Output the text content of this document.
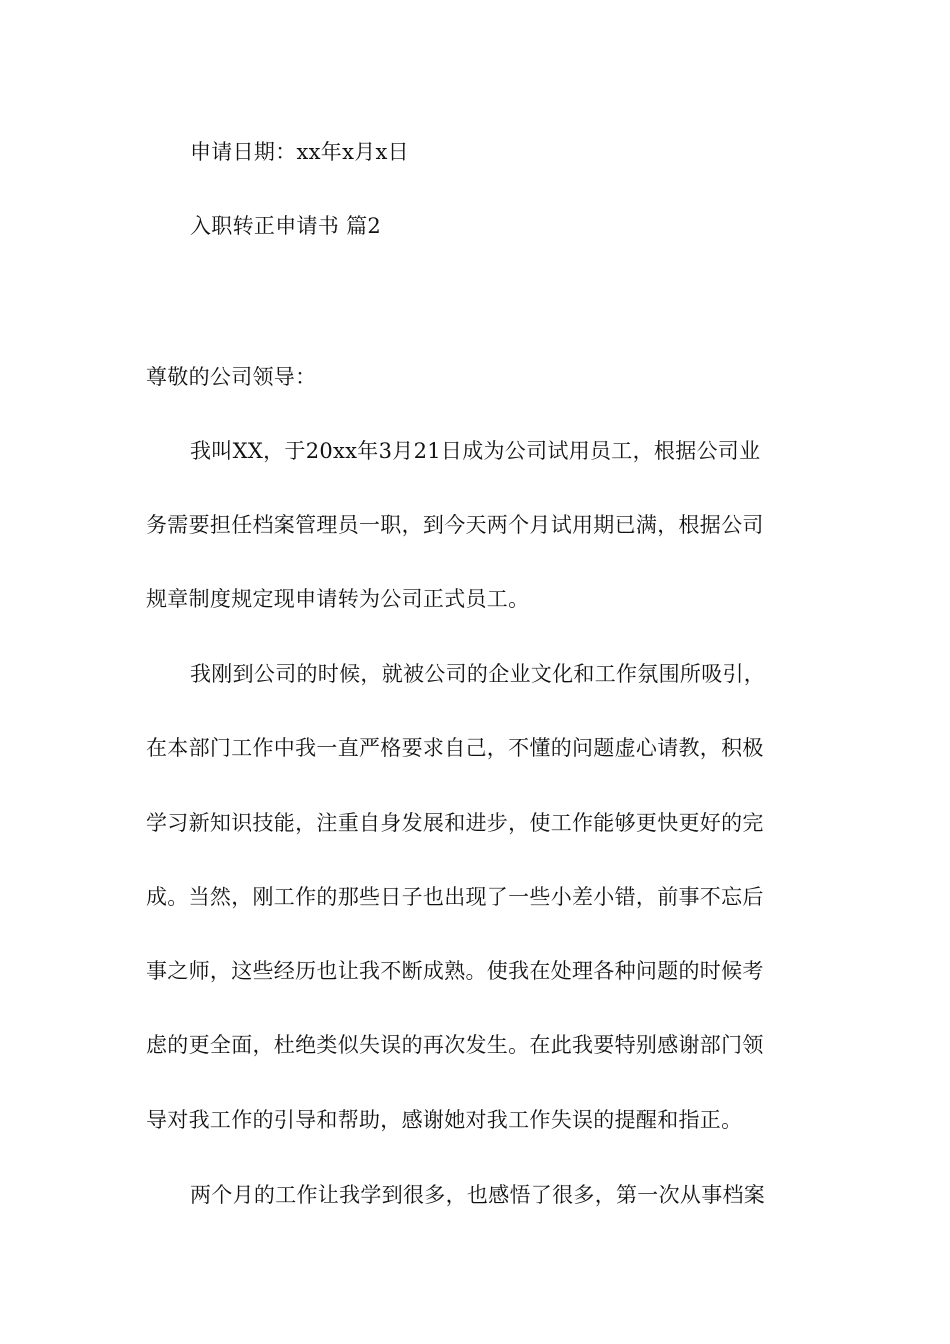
申请日期：xx年x月x日
入职转正申请书 篇2
尊敬的公司领导：
我叫XX，于20xx年3月21日成为公司试用员工，根据公司业
务需要担任档案管理员一职，到今天两个月试用期已满，根据公司
规章制度规定现申请转为公司正式员工。
我刚到公司的时候，就被公司的企业文化和工作氛围所吸引，
在本部门工作中我一直严格要求自己，不懂的问题虚心请教，积极
学习新知识技能，注重自身发展和进步，使工作能够更快更好的完
成。当然，刚工作的那些日子也出现了一些小差小错，前事不忘后
事之师，这些经历也让我不断成熟。使我在处理各种问题的时候考
虑的更全面，杜绝类似失误的再次发生。在此我要特别感谢部门领
导对我工作的引导和帮助，感谢她对我工作失误的提醒和指正。
两个月的工作让我学到很多，也感悟了很多，第一次从事档案
